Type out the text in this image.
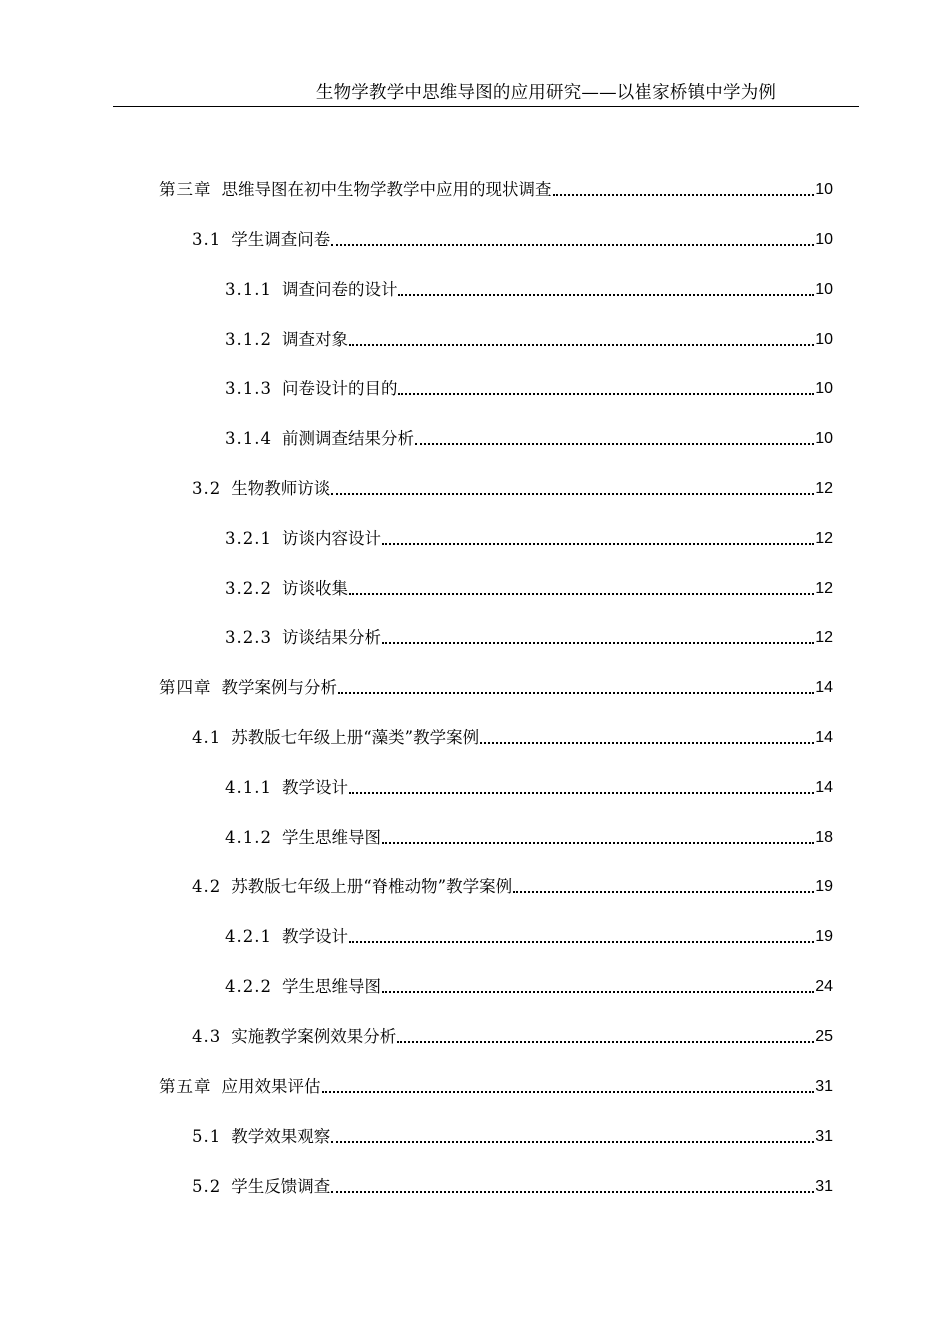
生物学教学中思维导图的应用研究——以崔家桥镇中学为例
第三章 思维导图在初中生物学教学中应用的现状调查	10
3.1 学生调查问卷	10
3.1.1 调查问卷的设计	10
3.1.2 调查对象	10
3.1.3 问卷设计的目的	10
3.1.4 前测调查结果分析	10
3.2 生物教师访谈	12
3.2.1 访谈内容设计	12
3.2.2 访谈收集	12
3.2.3 访谈结果分析	12
第四章 教学案例与分析	14
4.1 苏教版七年级上册“藻类”教学案例	14
4.1.1 教学设计	14
4.1.2 学生思维导图	18
4.2 苏教版七年级上册“脊椎动物”教学案例	19
4.2.1 教学设计	19
4.2.2 学生思维导图	24
4.3 实施教学案例效果分析	25
第五章 应用效果评估	31
5.1 教学效果观察	31
5.2 学生反馈调查	31
